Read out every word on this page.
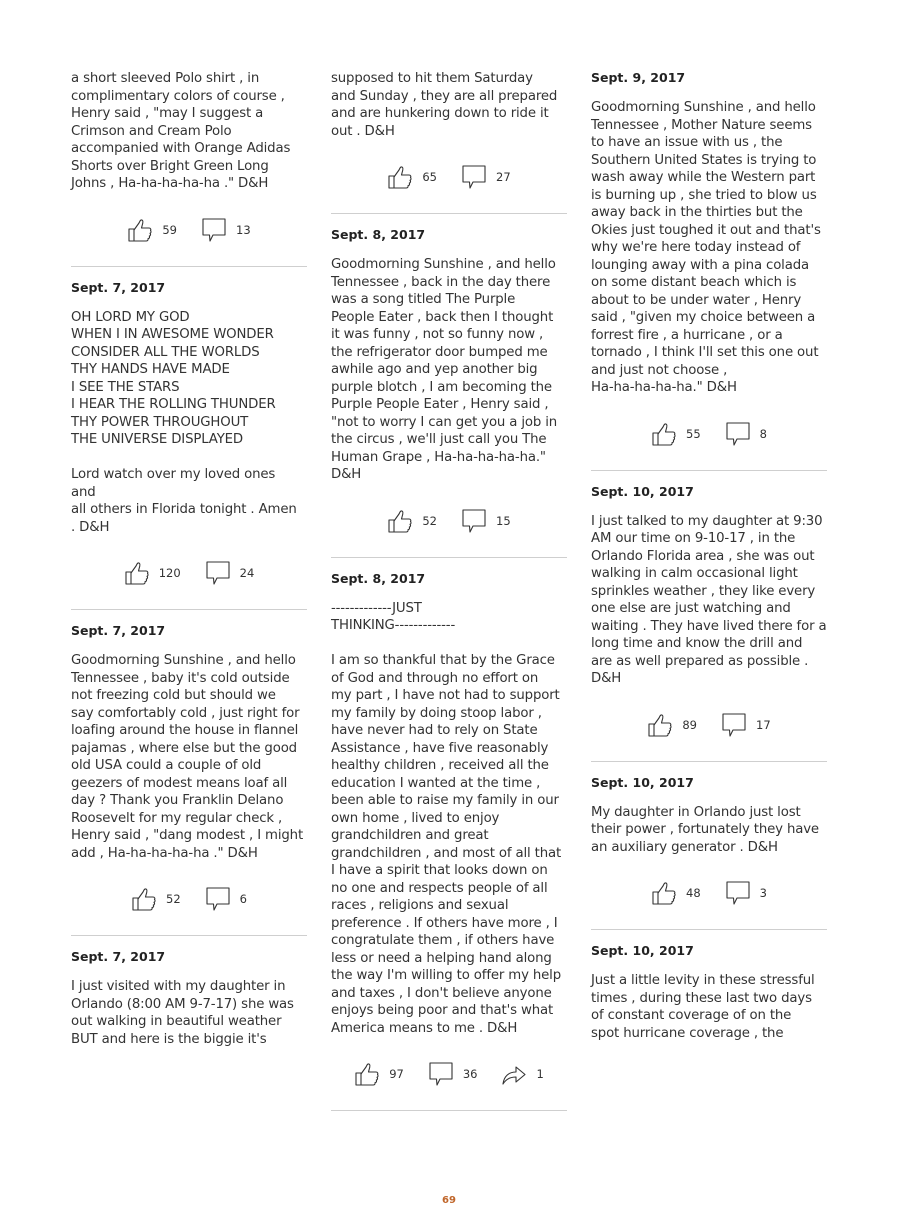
a short sleeved Polo shirt , in
complimentary colors of course ,
Henry said , "may I suggest a
Crimson and Cream Polo
accompanied with Orange Adidas
Shorts over Bright Green Long
Johns , Ha-ha-ha-ha-ha ." D&H

59	13
Sept. 7, 2017

OH LORD MY GOD
WHEN I IN AWESOME WONDER
CONSIDER ALL THE WORLDS
THY HANDS HAVE MADE
I SEE THE STARS
I HEAR THE ROLLING THUNDER
THY POWER THROUGHOUT
THE UNIVERSE DISPLAYED

Lord watch over my loved ones
and
all others in Florida tonight . Amen
. D&H

120	24
Sept. 7, 2017

Goodmorning Sunshine , and hello
Tennessee , baby it's cold outside
not freezing cold but should we
say comfortably cold , just right for
loafing around the house in flannel
pajamas , where else but the good
old USA could a couple of old
geezers of modest means loaf all
day ? Thank you Franklin Delano
Roosevelt for my regular check ,
Henry said , "dang modest , I might
add , Ha-ha-ha-ha-ha ." D&H

52	6
Sept. 7, 2017

I just visited with my daughter in
Orlando (8:00 AM 9-7-17) she was
out walking in beautiful weather
BUT and here is the biggie it's

supposed to hit them Saturday
and Sunday , they are all prepared
and are hunkering down to ride it
out . D&H

65	27
Sept. 8, 2017

Goodmorning Sunshine , and hello
Tennessee , back in the day there
was a song titled The Purple
People Eater , back then I thought
it was funny , not so funny now ,
the refrigerator door bumped me
awhile ago and yep another big
purple blotch , I am becoming the
Purple People Eater , Henry said ,
"not to worry I can get you a job in
the circus , we'll just call you The
Human Grape , Ha-ha-ha-ha-ha."
D&H

52	15
Sept. 8, 2017

-------------JUST
THINKING-------------

I am so thankful that by the Grace
of God and through no effort on
my part , I have not had to support
my family by doing stoop labor ,
have never had to rely on State
Assistance , have five reasonably
healthy children , received all the
education I wanted at the time ,
been able to raise my family in our
own home , lived to enjoy
grandchildren and great
grandchildren , and most of all that
I have a spirit that looks down on
no one and respects people of all
races , religions and sexual
preference . If others have more , I
congratulate them , if others have
less or need a helping hand along
the way I'm willing to offer my help
and taxes , I don't believe anyone
enjoys being poor and that's what
America means to me . D&H

97	36	1
Sept. 9, 2017

Goodmorning Sunshine , and hello
Tennessee , Mother Nature seems
to have an issue with us , the
Southern United States is trying to
wash away while the Western part
is burning up , she tried to blow us
away back in the thirties but the
Okies just toughed it out and that's
why we're here today instead of
lounging away with a pina colada
on some distant beach which is
about to be under water , Henry
said , "given my choice between a
forrest fire , a hurricane , or a
tornado , I think I'll set this one out
and just not choose ,
Ha-ha-ha-ha-ha." D&H

55	8
Sept. 10, 2017

I just talked to my daughter at 9:30
AM our time on 9-10-17 , in the
Orlando Florida area , she was out
walking in calm occasional light
sprinkles weather , they like every
one else are just watching and
waiting . They have lived there for a
long time and know the drill and
are as well prepared as possible .
D&H

89	17
Sept. 10, 2017

My daughter in Orlando just lost
their power , fortunately they have
an auxiliary generator . D&H

48	3
Sept. 10, 2017

Just a little levity in these stressful
times , during these last two days
of constant coverage of on the
spot hurricane coverage , the

69
